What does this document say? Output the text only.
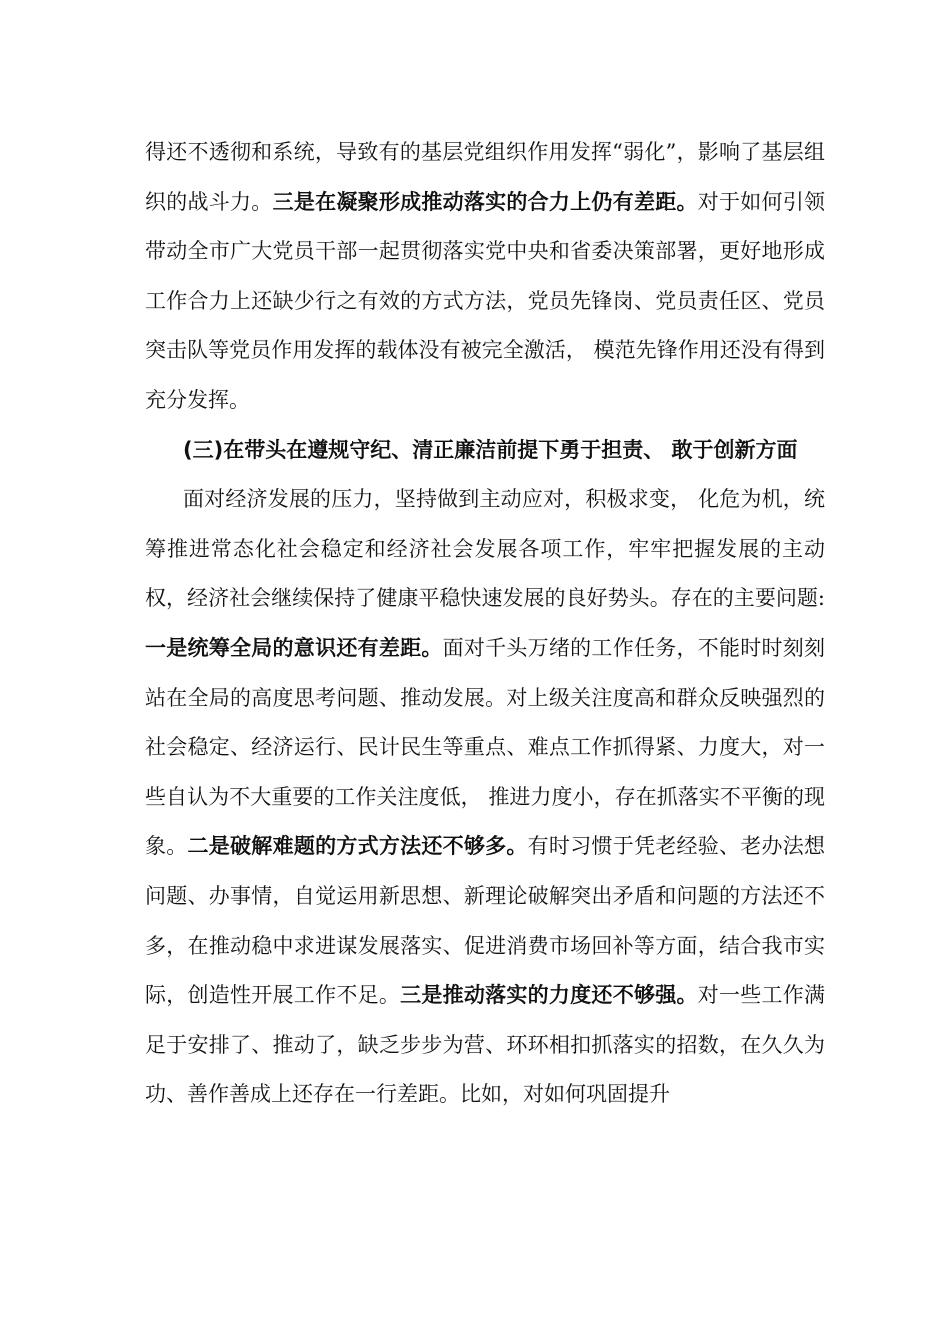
得还不透彻和系统，导致有的基层党组织作用发挥“弱化”，影响了基层组织的战斗力。三是在凝聚形成推动落实的合力上仍有差距。对于如何引领带动全市广大党员干部一起贯彻落实党中央和省委决策部署，更好地形成工作合力上还缺少行之有效的方式方法，党员先锋岗、党员责任区、党员突击队等党员作用发挥的载体没有被完全激活， 模范先锋作用还没有得到充分发挥。

(三)在带头在遵规守纪、清正廉洁前提下勇于担责、 敢于创新方面

面对经济发展的压力，坚持做到主动应对，积极求变， 化危为机，统筹推进常态化社会稳定和经济社会发展各项工作，牢牢把握发展的主动权，经济社会继续保持了健康平稳快速发展的良好势头。存在的主要问题:一是统筹全局的意识还有差距。面对千头万绪的工作任务，不能时时刻刻站在全局的高度思考问题、推动发展。对上级关注度高和群众反映强烈的社会稳定、经济运行、民计民生等重点、难点工作抓得紧、力度大，对一些自认为不大重要的工作关注度低， 推进力度小，存在抓落实不平衡的现象。二是破解难题的方式方法还不够多。有时习惯于凭老经验、老办法想问题、办事情，自觉运用新思想、新理论破解突出矛盾和问题的方法还不多，在推动稳中求进谋发展落实、促进消费市场回补等方面，结合我市实际，创造性开展工作不足。三是推动落实的力度还不够强。对一些工作满足于安排了、推动了，缺乏步步为营、环环相扣抓落实的招数，在久久为功、善作善成上还存在一行差距。比如，对如何巩固提升
